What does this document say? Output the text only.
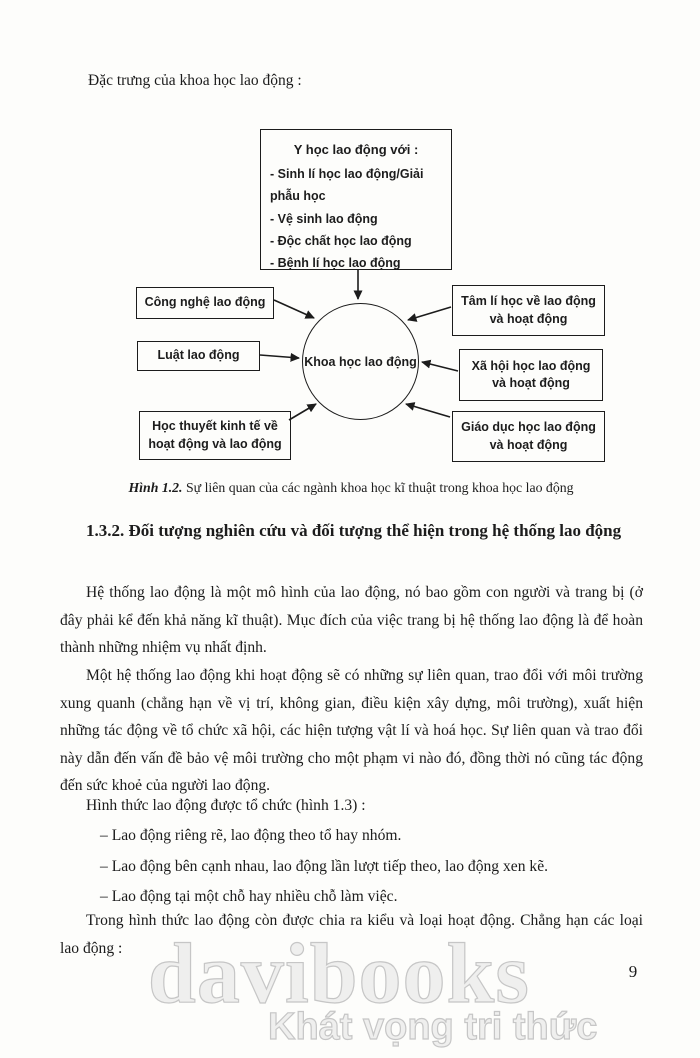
Y học lao động với :
- Sinh lí học lao động/Giải phẫu học
- Vệ sinh lao động
- Độc chất học lao động
- Bệnh lí học lao động
Công nghệ lao động
Luật lao động
Học thuyết kinh tế về hoạt động và lao động
Tâm lí học về lao động và hoạt động
Xã hội học lao động và hoạt động
Giáo dục học lao động và hoạt động
Khoa học lao động

Đặc trưng của khoa học lao động :

Hình 1.2. Sự liên quan của các ngành khoa học kĩ thuật trong khoa học lao động

1.3.2. Đối tượng nghiên cứu và đối tượng thể hiện trong hệ thống lao động

Hệ thống lao động là một mô hình của lao động, nó bao gồm con người và trang bị (ở đây phải kể đến khả năng kĩ thuật). Mục đích của việc trang bị hệ thống lao động là để hoàn thành những nhiệm vụ nhất định.

Một hệ thống lao động khi hoạt động sẽ có những sự liên quan, trao đổi với môi trường xung quanh (chẳng hạn về vị trí, không gian, điều kiện xây dựng, môi trường), xuất hiện những tác động về tổ chức xã hội, các hiện tượng vật lí và hoá học. Sự liên quan và trao đổi này dẫn đến vấn đề bảo vệ môi trường cho một phạm vi nào đó, đồng thời nó cũng tác động đến sức khoẻ của người lao động.

Hình thức lao động được tổ chức (hình 1.3) :

– Lao động riêng rẽ, lao động theo tổ hay nhóm.

– Lao động bên cạnh nhau, lao động lần lượt tiếp theo, lao động xen kẽ.

– Lao động tại một chỗ hay nhiều chỗ làm việc.

Trong hình thức lao động còn được chia ra kiểu và loại hoạt động. Chẳng hạn các loại lao động : davibooks
Khát vọng tri thức
9
